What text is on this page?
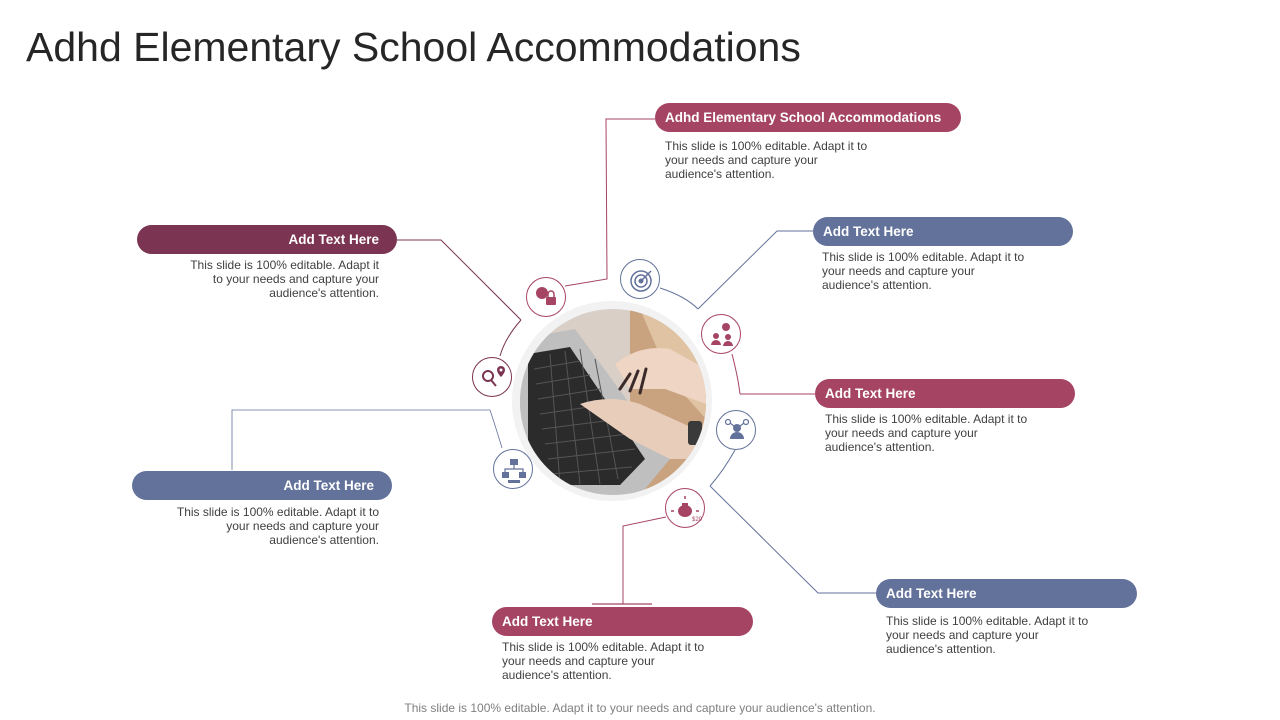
Adhd Elementary School Accommodations
$20
Adhd Elementary School Accommodations
This slide is 100% editable. Adapt it to your needs and capture your audience's attention.
Add Text Here
This slide is 100% editable. Adapt it to your needs and capture your audience's attention.
Add Text Here
This slide is 100% editable. Adapt it to your needs and capture your audience's attention.
Add Text Here
This slide is 100% editable. Adapt it to your needs and capture your audience's attention.
Add Text Here
This slide is 100% editable. Adapt it to your needs and capture your audience's attention.
Add Text Here
This slide is 100% editable. Adapt it to your needs and capture your audience's attention.
Add Text Here
This slide is 100% editable. Adapt it to your needs and capture your audience's attention.
This slide is 100% editable. Adapt it to your needs and capture your audience's attention.
